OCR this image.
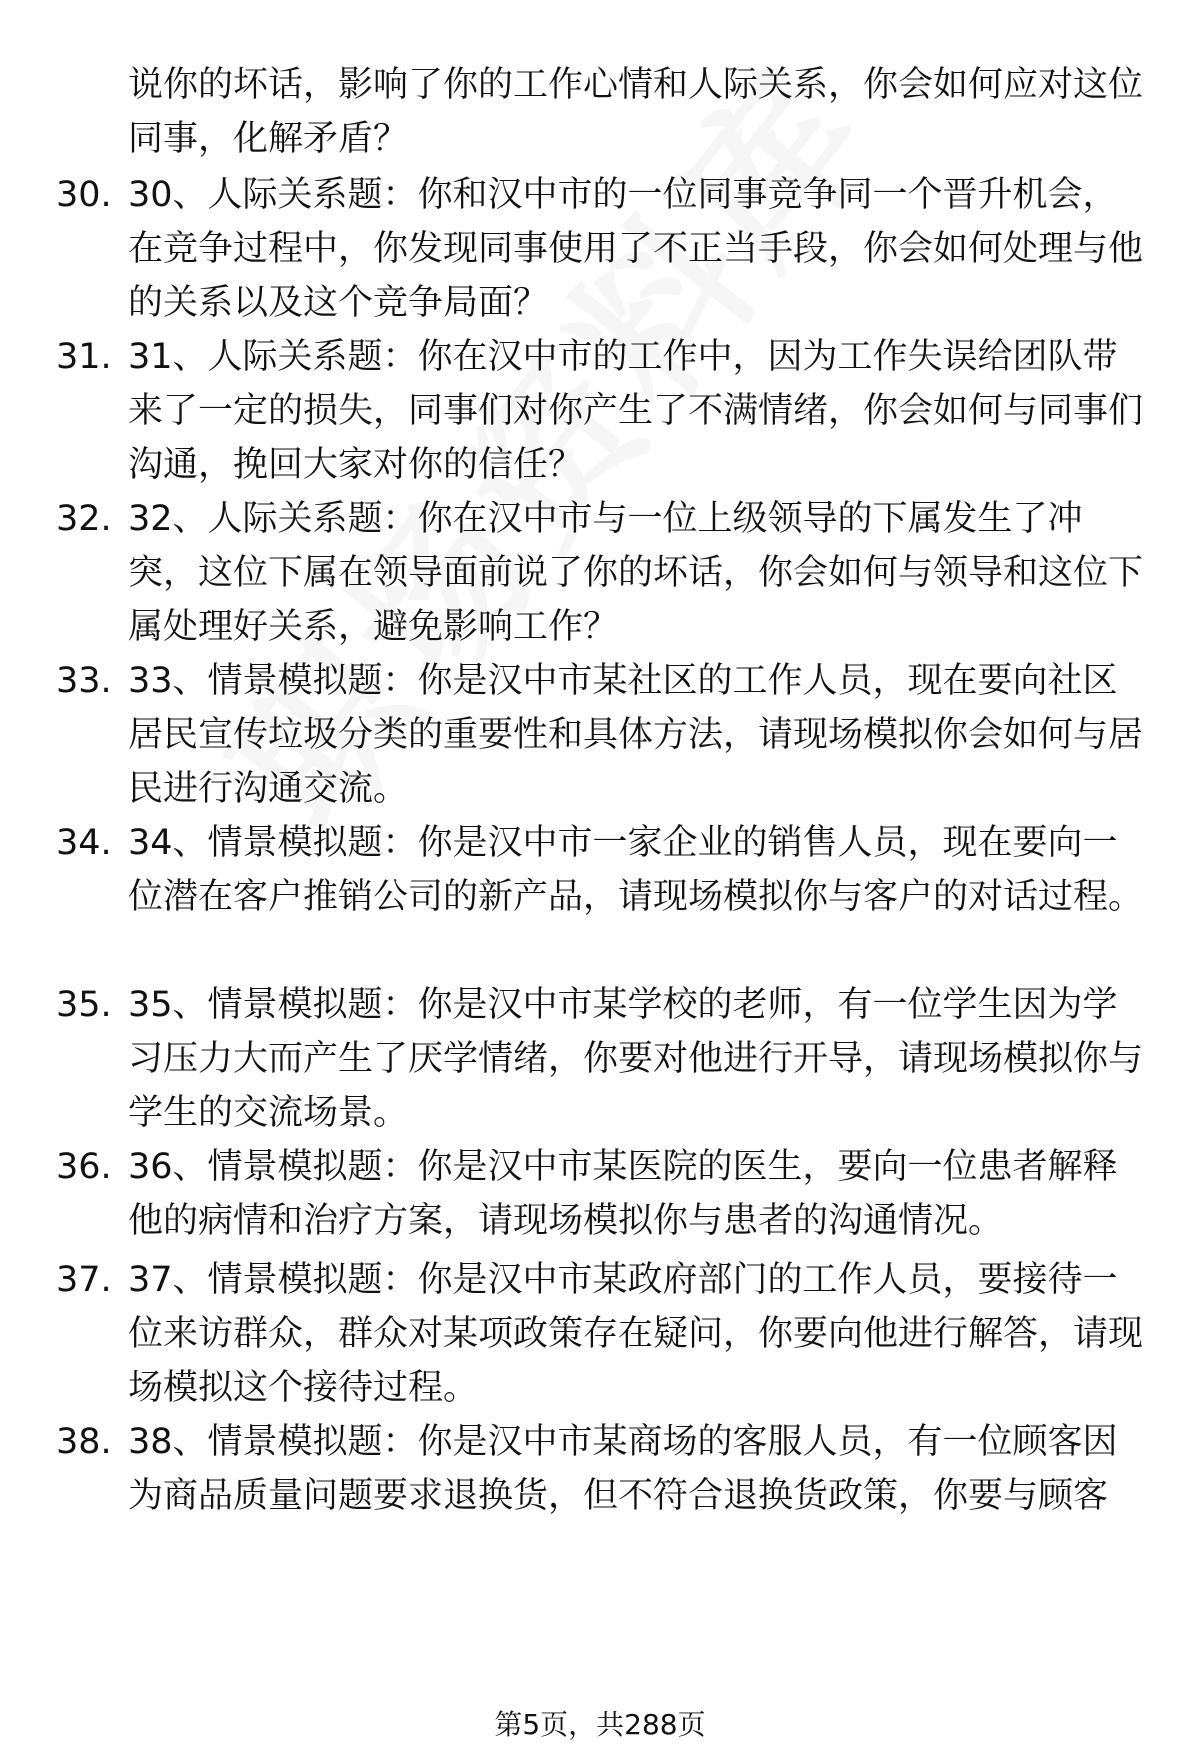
说你的坏话，影响了你的工作心情和人际关系，你会如何应对这位同事，化解矛盾？
30. 30、人际关系题：你和汉中市的一位同事竞争同一个晋升机会，在竞争过程中，你发现同事使用了不正当手段，你会如何处理与他的关系以及这个竞争局面？
31. 31、人际关系题：你在汉中市的工作中，因为工作失误给团队带来了一定的损失，同事们对你产生了不满情绪，你会如何与同事们沟通，挽回大家对你的信任？
32. 32、人际关系题：你在汉中市与一位上级领导的下属发生了冲突，这位下属在领导面前说了你的坏话，你会如何与领导和这位下属处理好关系，避免影响工作？
33. 33、情景模拟题：你是汉中市某社区的工作人员，现在要向社区居民宣传垃圾分类的重要性和具体方法，请现场模拟你会如何与居民进行沟通交流。
34. 34、情景模拟题：你是汉中市一家企业的销售人员，现在要向一位潜在客户推销公司的新产品，请现场模拟你与客户的对话过程。
35. 35、情景模拟题：你是汉中市某学校的老师，有一位学生因为学习压力大而产生了厌学情绪，你要对他进行开导，请现场模拟你与学生的交流场景。
36. 36、情景模拟题：你是汉中市某医院的医生，要向一位患者解释他的病情和治疗方案，请现场模拟你与患者的沟通情况。
37. 37、情景模拟题：你是汉中市某政府部门的工作人员，要接待一位来访群众，群众对某项政策存在疑问，你要向他进行解答，请现场模拟这个接待过程。
38. 38、情景模拟题：你是汉中市某商场的客服人员，有一位顾客因为商品质量问题要求退换货，但不符合退换货政策，你要与顾客
第5页，共288页
